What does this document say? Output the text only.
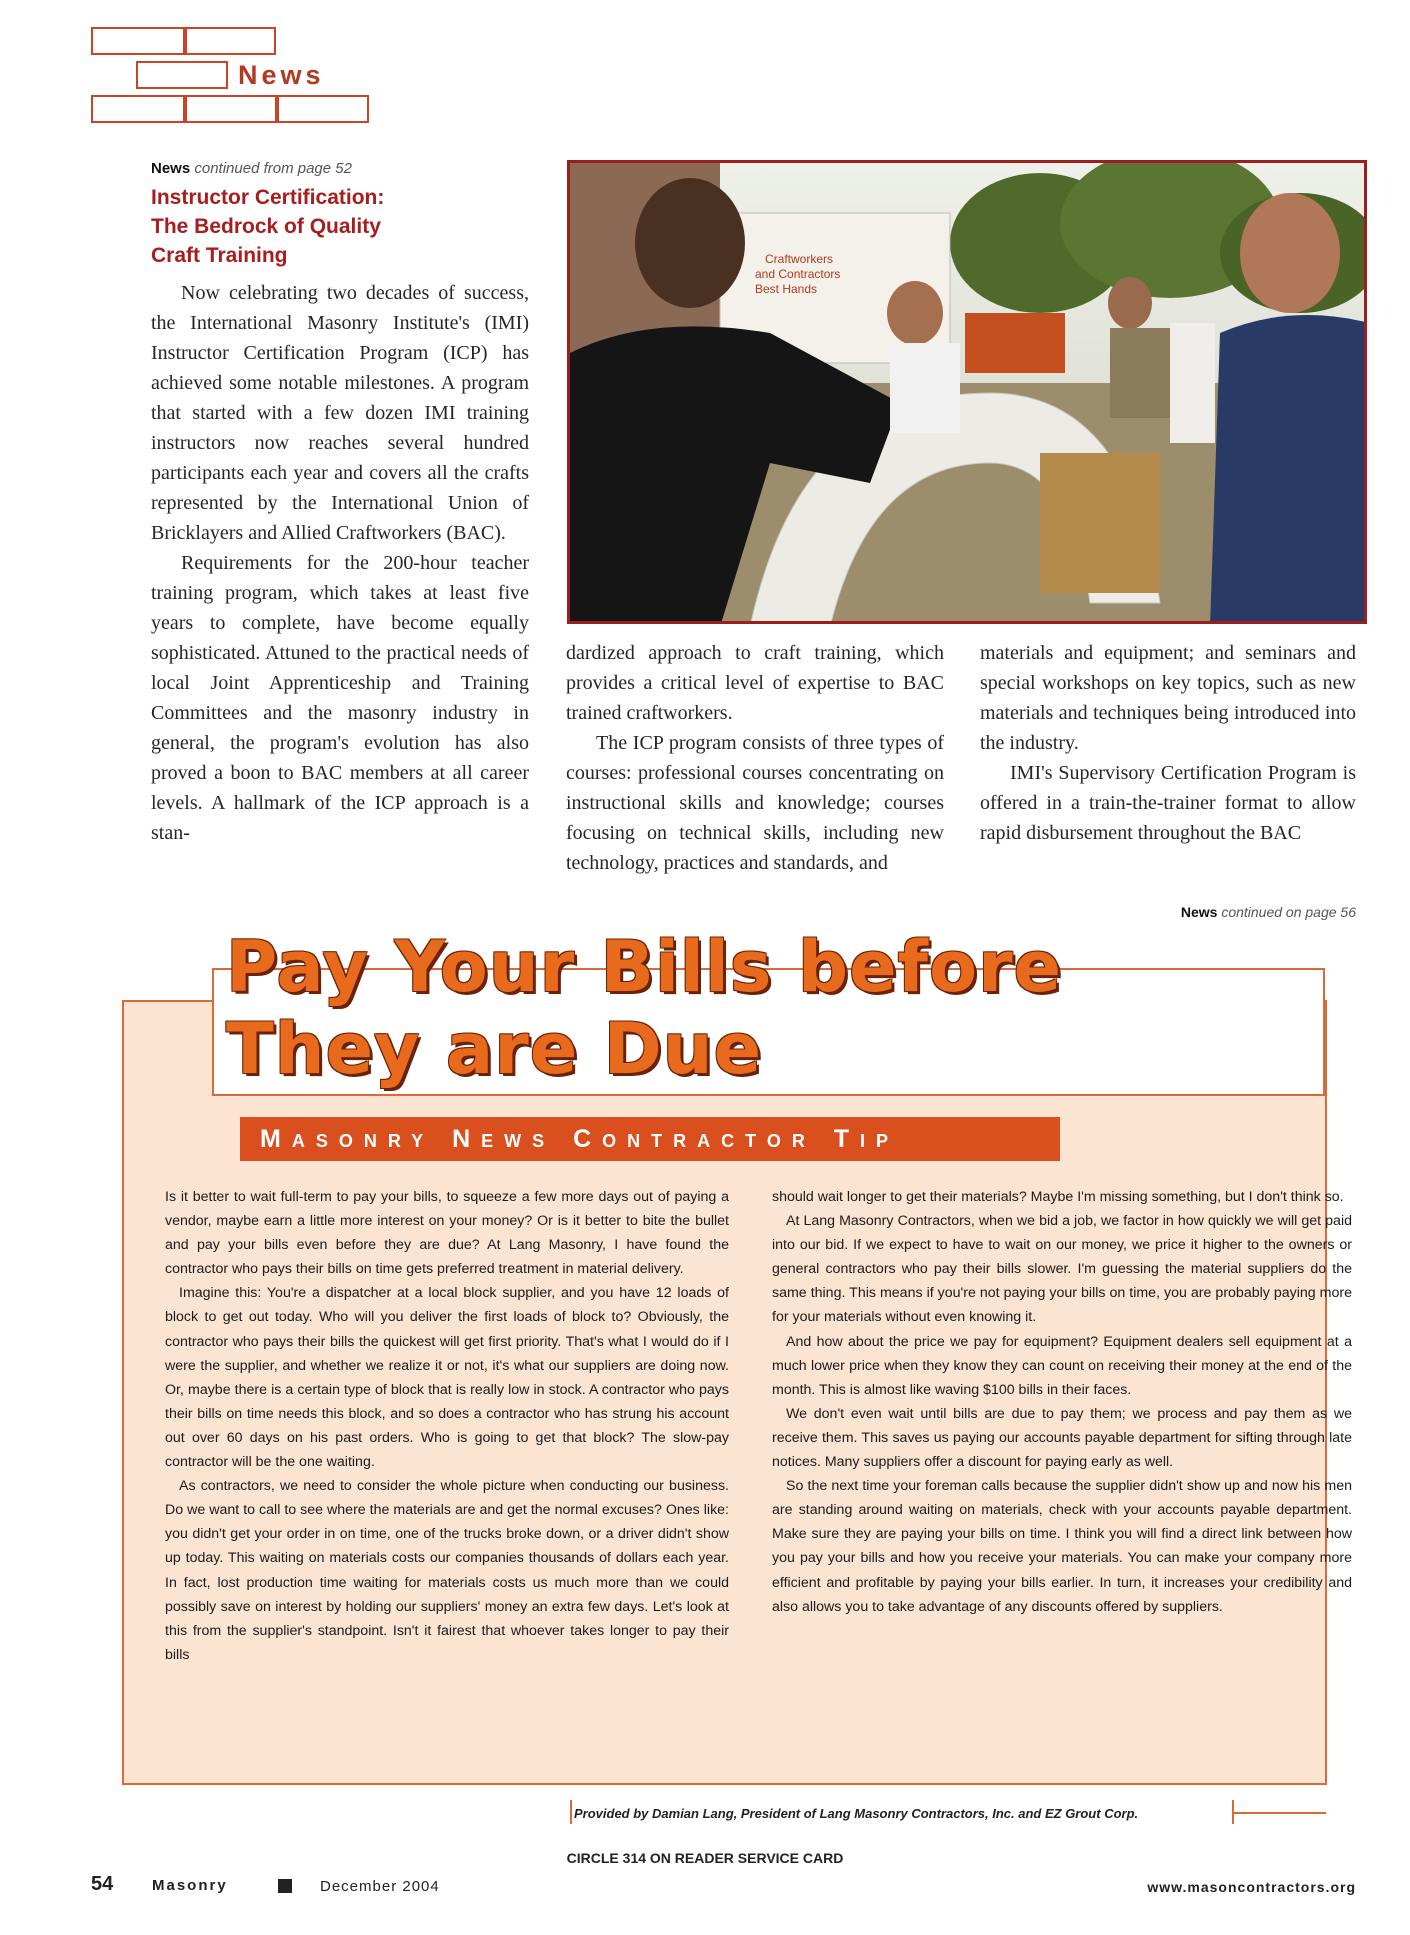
News
News continued from page 52
Instructor Certification:
The Bedrock of Quality
Craft Training

Now celebrating two decades of success, the International Masonry Institute's (IMI) Instructor Certification Program (ICP) has achieved some notable milestones. A program that started with a few dozen IMI training instructors now reaches several hundred participants each year and covers all the crafts represented by the International Union of Bricklayers and Allied Craftworkers (BAC).

Requirements for the 200-hour teacher training program, which takes at least five years to complete, have become equally sophisticated. Attuned to the practical needs of local Joint Apprenticeship and Training Committees and the masonry industry in general, the program's evolution has also proved a boon to BAC members at all career levels. A hallmark of the ICP approach is a stan-

Craftworkers
and Contractors
Best Hands

dardized approach to craft training, which provides a critical level of expertise to BAC trained craftworkers.

The ICP program consists of three types of courses: professional courses concentrating on instructional skills and knowledge; courses focusing on technical skills, including new technology, practices and standards, and

materials and equipment; and seminars and special workshops on key topics, such as new materials and techniques being introduced into the industry.

IMI's Supervisory Certification Program is offered in a train-the-trainer format to allow rapid disbursement throughout the BAC

News continued on page 56
Pay Your Bills before
They are Due
Masonry News Contractor Tip

Is it better to wait full-term to pay your bills, to squeeze a few more days out of paying a vendor, maybe earn a little more interest on your money? Or is it better to bite the bullet and pay your bills even before they are due? At Lang Masonry, I have found the contractor who pays their bills on time gets preferred treatment in material delivery.

Imagine this: You're a dispatcher at a local block supplier, and you have 12 loads of block to get out today. Who will you deliver the first loads of block to? Obviously, the contractor who pays their bills the quickest will get first priority. That's what I would do if I were the supplier, and whether we realize it or not, it's what our suppliers are doing now. Or, maybe there is a certain type of block that is really low in stock. A contractor who pays their bills on time needs this block, and so does a contractor who has strung his account out over 60 days on his past orders. Who is going to get that block? The slow-pay contractor will be the one waiting.

As contractors, we need to consider the whole picture when conducting our business. Do we want to call to see where the materials are and get the normal excuses? Ones like: you didn't get your order in on time, one of the trucks broke down, or a driver didn't show up today. This waiting on materials costs our companies thousands of dollars each year. In fact, lost production time waiting for materials costs us much more than we could possibly save on interest by holding our suppliers' money an extra few days. Let's look at this from the supplier's standpoint. Isn't it fairest that whoever takes longer to pay their bills

should wait longer to get their materials? Maybe I'm missing something, but I don't think so.

At Lang Masonry Contractors, when we bid a job, we factor in how quickly we will get paid into our bid. If we expect to have to wait on our money, we price it higher to the owners or general contractors who pay their bills slower. I'm guessing the material suppliers do the same thing. This means if you're not paying your bills on time, you are probably paying more for your materials without even knowing it.

And how about the price we pay for equipment? Equipment dealers sell equipment at a much lower price when they know they can count on receiving their money at the end of the month. This is almost like waving $100 bills in their faces.

We don't even wait until bills are due to pay them; we process and pay them as we receive them. This saves us paying our accounts payable department for sifting through late notices. Many suppliers offer a discount for paying early as well.

So the next time your foreman calls because the supplier didn't show up and now his men are standing around waiting on materials, check with your accounts payable department. Make sure they are paying your bills on time. I think you will find a direct link between how you pay your bills and how you receive your materials. You can make your company more efficient and profitable by paying your bills earlier. In turn, it increases your credibility and also allows you to take advantage of any discounts offered by suppliers.

Provided by Damian Lang, President of Lang Masonry Contractors, Inc. and EZ Grout Corp.
CIRCLE 314 ON READER SERVICE CARD
54	Masonry	December 2004	www.masoncontractors.org
